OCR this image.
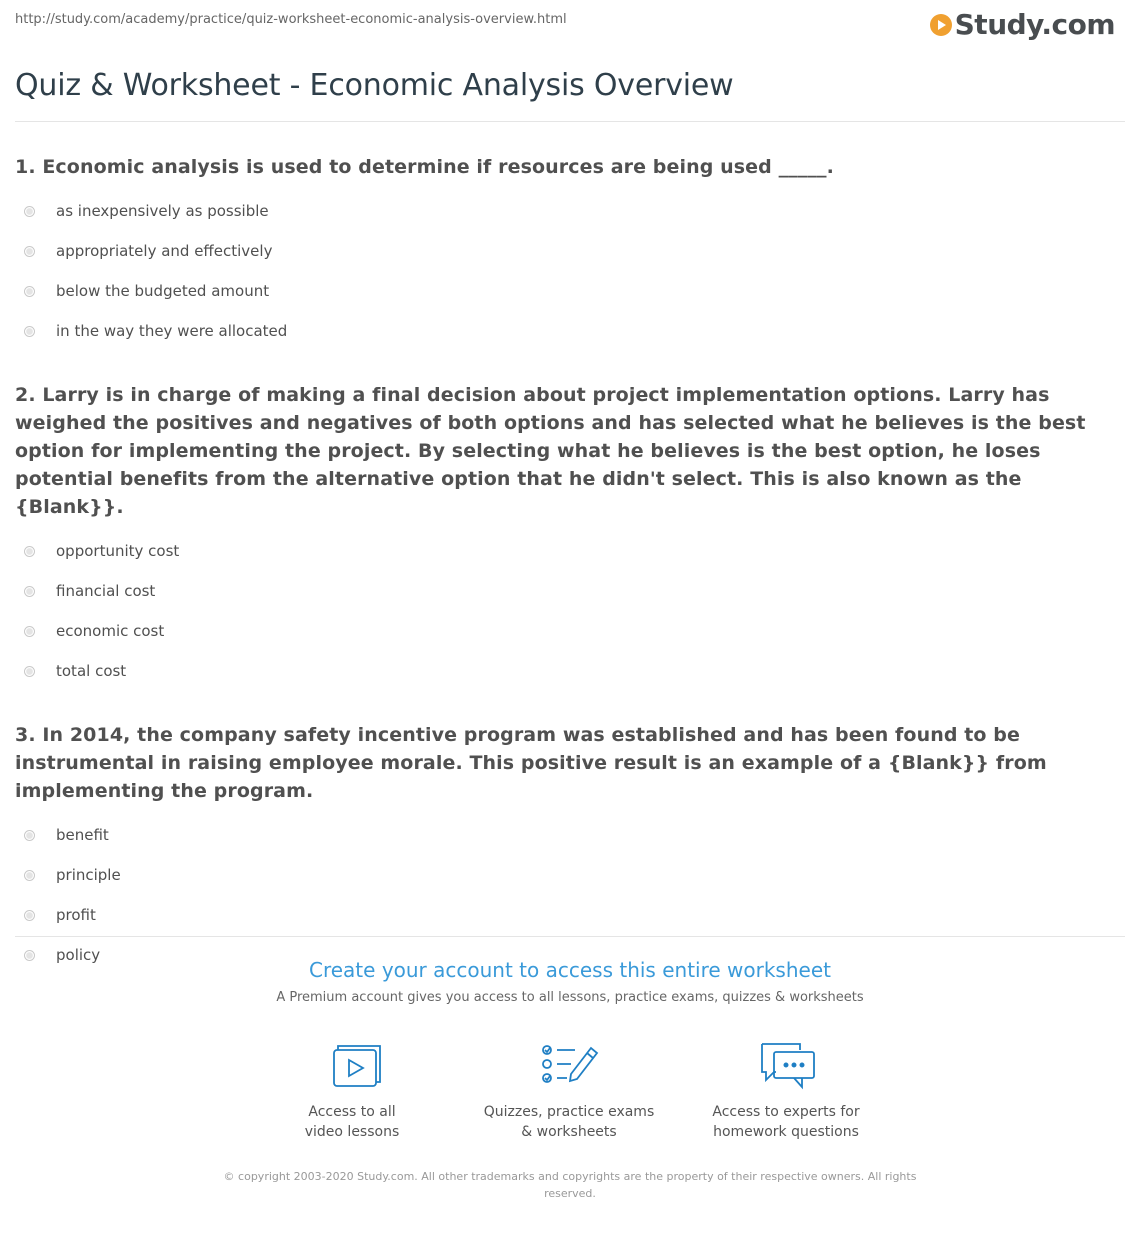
http://study.com/academy/practice/quiz-worksheet-economic-analysis-overview.html	Study.com
Quiz & Worksheet - Economic Analysis Overview

1. Economic analysis is used to determine if resources are being used _____.

as inexpensively as possible
appropriately and effectively
below the budgeted amount
in the way they were allocated

2. Larry is in charge of making a final decision about project implementation options. Larry has weighed the positives and negatives of both options and has selected what he believes is the best option for implementing the project. By selecting what he believes is the best option, he loses potential benefits from the alternative option that he didn't select. This is also known as the {Blank}}.

opportunity cost
financial cost
economic cost
total cost

3. In 2014, the company safety incentive program was established and has been found to be instrumental in raising employee morale. This positive result is an example of a {Blank}} from implementing the program.

benefit
principle
profit
policy

Create your account to access this entire worksheet

A Premium account gives you access to all lessons, practice exams, quizzes & worksheets
Access to all
video lessons
Quizzes, practice exams
& worksheets
Access to experts for
homework questions
© copyright 2003-2020 Study.com. All other trademarks and copyrights are the property of their respective owners. All rights reserved.
